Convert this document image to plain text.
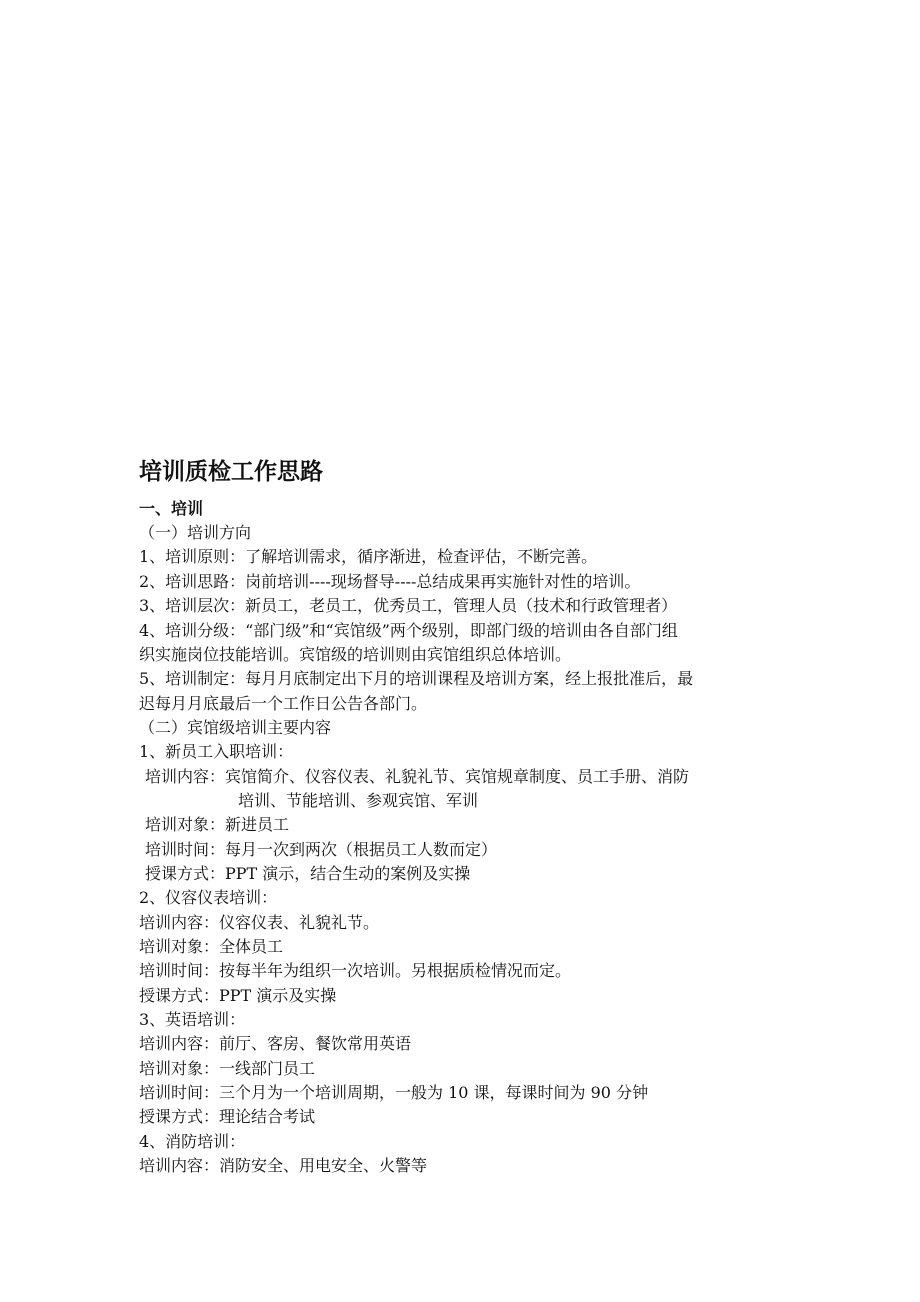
培训质检工作思路
一、培训
（一）培训方向
1、培训原则：了解培训需求，循序渐进，检查评估，不断完善。
2、培训思路：岗前培训----现场督导----总结成果再实施针对性的培训。
3、培训层次：新员工，老员工，优秀员工，管理人员（技术和行政管理者）
4、培训分级：“部门级”和“宾馆级”两个级别，即部门级的培训由各自部门组
织实施岗位技能培训。宾馆级的培训则由宾馆组织总体培训。
5、培训制定：每月月底制定出下月的培训课程及培训方案，经上报批准后，最
迟每月月底最后一个工作日公告各部门。
（二）宾馆级培训主要内容
1、新员工入职培训：
培训内容：宾馆简介、仪容仪表、礼貌礼节、宾馆规章制度、员工手册、消防
培训、节能培训、参观宾馆、军训
培训对象：新进员工
培训时间：每月一次到两次（根据员工人数而定）
授课方式：PPT 演示，结合生动的案例及实操
2、仪容仪表培训：
培训内容：仪容仪表、礼貌礼节。
培训对象：全体员工
培训时间：按每半年为组织一次培训。另根据质检情况而定。
授课方式：PPT 演示及实操
3、英语培训：
培训内容：前厅、客房、餐饮常用英语
培训对象：一线部门员工
培训时间：三个月为一个培训周期，一般为 10 课，每课时间为 90 分钟
授课方式：理论结合考试
4、消防培训：
培训内容：消防安全、用电安全、火警等
